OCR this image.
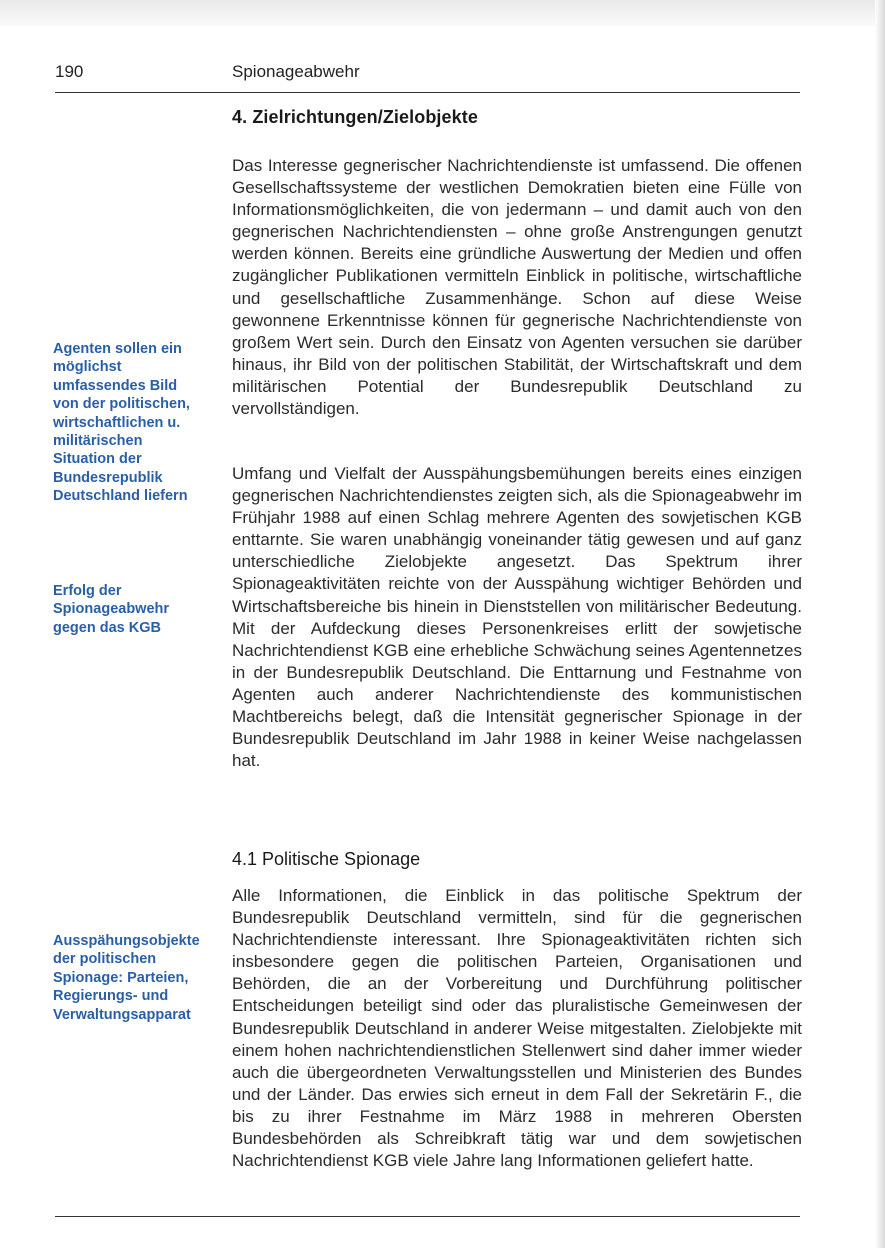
190	Spionageabwehr
4. Zielrichtungen/Zielobjekte

Das Interesse gegnerischer Nachrichtendienste ist umfassend. Die offenen Gesellschaftssysteme der westlichen Demokratien bieten eine Fülle von Informationsmöglichkeiten, die von jedermann – und damit auch von den gegnerischen Nachrichtendiensten – ohne große Anstrengungen genutzt werden können. Bereits eine gründliche Auswertung der Medien und offen zugänglicher Publikationen vermitteln Einblick in politische, wirtschaftliche und gesellschaftliche Zusammenhänge. Schon auf diese Weise gewonnene Erkenntnisse können für gegnerische Nachrichtendienste von großem Wert sein. Durch den Einsatz von Agenten versuchen sie darüber hinaus, ihr Bild von der politischen Stabilität, der Wirtschaftskraft und dem militärischen Potential der Bundesrepublik Deutschland zu vervollständigen.

Umfang und Vielfalt der Ausspähungsbemühungen bereits eines einzigen gegnerischen Nachrichtendienstes zeigten sich, als die Spionageabwehr im Frühjahr 1988 auf einen Schlag mehrere Agenten des sowjetischen KGB enttarnte. Sie waren unabhängig voneinander tätig gewesen und auf ganz unterschiedliche Zielobjekte angesetzt. Das Spektrum ihrer Spionageaktivitäten reichte von der Ausspähung wichtiger Behörden und Wirtschaftsbereiche bis hinein in Dienststellen von militärischer Bedeutung. Mit der Aufdeckung dieses Personenkreises erlitt der sowjetische Nachrichtendienst KGB eine erhebliche Schwächung seines Agentennetzes in der Bundesrepublik Deutschland. Die Enttarnung und Festnahme von Agenten auch anderer Nachrichtendienste des kommunistischen Machtbereichs belegt, daß die Intensität gegnerischer Spionage in der Bundesrepublik Deutschland im Jahr 1988 in keiner Weise nachgelassen hat.

4.1 Politische Spionage

Alle Informationen, die Einblick in das politische Spektrum der Bundesrepublik Deutschland vermitteln, sind für die gegnerischen Nachrichtendienste interessant. Ihre Spionageaktivitäten richten sich insbesondere gegen die politischen Parteien, Organisationen und Behörden, die an der Vorbereitung und Durchführung politischer Entscheidungen beteiligt sind oder das pluralistische Gemeinwesen der Bundesrepublik Deutschland in anderer Weise mitgestalten. Zielobjekte mit einem hohen nachrichtendienstlichen Stellenwert sind daher immer wieder auch die übergeordneten Verwaltungsstellen und Ministerien des Bundes und der Länder. Das erwies sich erneut in dem Fall der Sekretärin F., die bis zu ihrer Festnahme im März 1988 in mehreren Obersten Bundesbehörden als Schreibkraft tätig war und dem sowjetischen Nachrichtendienst KGB viele Jahre lang Informationen geliefert hatte.

Agenten sollen ein möglichst umfassendes Bild von der politischen, wirtschaftlichen u. militärischen Situation der Bundesrepublik Deutschland liefern

Erfolg der Spionageabwehr gegen das KGB

Ausspähungsobjekte der politischen Spionage: Parteien, Regierungs- und Verwaltungsapparat
